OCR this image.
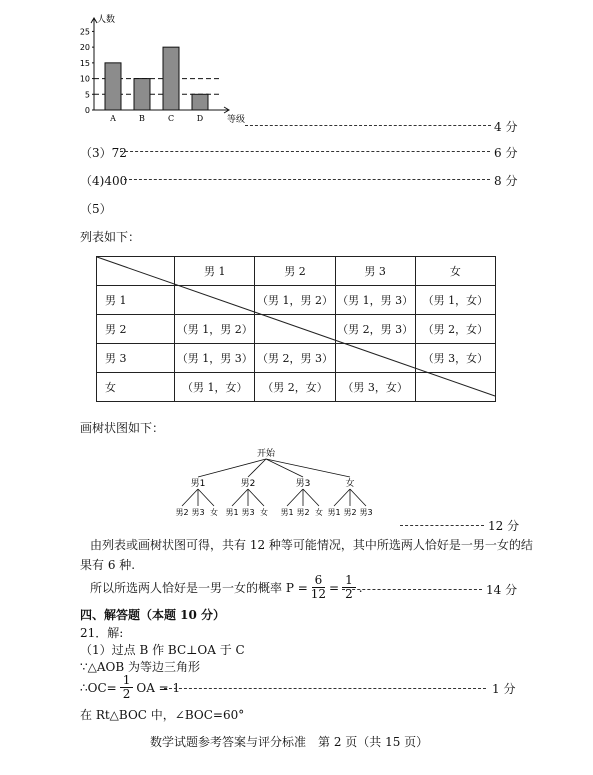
人数
等级
0
5
10
15
20
25
A	B	C	D
4 分
（3）72	6 分
（4)400	8 分
（5）
列表如下：
	男 1	男 2	男 3	女
男 1		（男 1，男 2）	（男 1，男 3）	（男 1，女）
男 2	（男 1，男 2）		（男 2，男 3）	（男 2，女）
男 3	（男 1，男 3）	（男 2，男 3）		（男 3，女）
女	（男 1，女）	（男 2，女）	（男 3，女）	
画树状图如下：
开始
男1
男2 男3 女
男2
男1 男3 女
男3
男1 男2 女
女
男1 男2 男3
12 分
由列表或画树状图可得，共有 12 种等可能情况，其中所选两人恰好是一男一女的结
果有 6 种.
所以所选两人恰好是一男一女的概率 $P = \frac{6}{12} = \frac{1}{2}$ .	14 分
四、解答题（本题 10 分）
21．解:
（1）过点 B 作 BC⊥OA 于 C
∵△AOB 为等边三角形
∴OC= $\frac{1}{2}$ OA = 1	1 分
在 Rt△BOC 中，∠BOC=60°
数学试题参考答案与评分标准　第 2 页（共 15 页）
